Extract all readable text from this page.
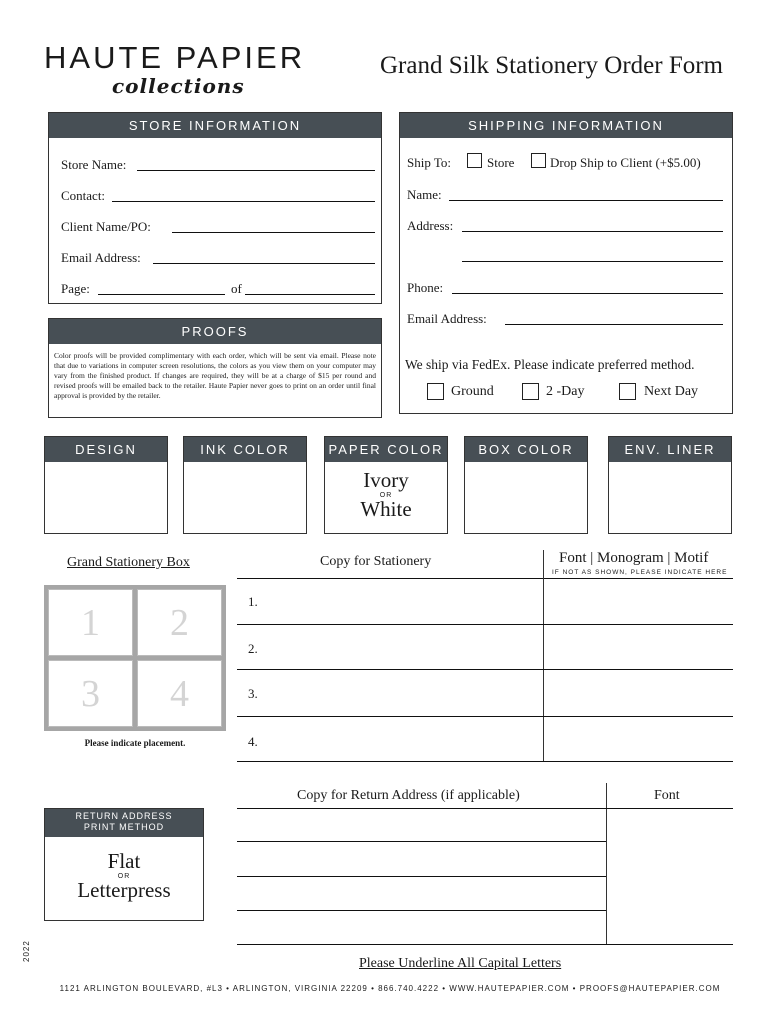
HAUTE PAPIER
collections
Grand Silk Stationery Order Form
STORE INFORMATION
Store Name:
Contact:
Client Name/PO:
Email Address:
Page:	of
PROOFS
Color proofs will be provided complimentary with each order, which will be sent via email. Please note that due to variations in computer screen resolutions, the colors as you view them on your computer may vary from the finished product. If changes are required, they will be at a charge of $15 per round and revised proofs will be emailed back to the retailer. Haute Papier never goes to print on an order until final approval is provided by the retailer.
SHIPPING INFORMATION
Ship To:	Store	Drop Ship to Client (+$5.00)
Name:
Address:
Phone:
Email Address:
We ship via FedEx. Please indicate preferred method.
Ground	2 -Day	Next Day
DESIGN	INK COLOR	PAPER COLOR
Ivory
OR
White
BOX COLOR	ENV. LINER
Grand Stationery Box
1	2
3	4
Please indicate placement.
Copy for Stationery	Font | Monogram | Motif
IF NOT AS SHOWN, PLEASE INDICATE HERE
1.
2.
3.
4.
RETURN ADDRESS
PRINT METHOD
Flat
OR
Letterpress
Copy for Return Address (if applicable)	Font
Please Underline All Capital Letters
2022
1121 ARLINGTON BOULEVARD, #L3 • ARLINGTON, VIRGINIA 22209 • 866.740.4222 • WWW.HAUTEPAPIER.COM • PROOFS@HAUTEPAPIER.COM
